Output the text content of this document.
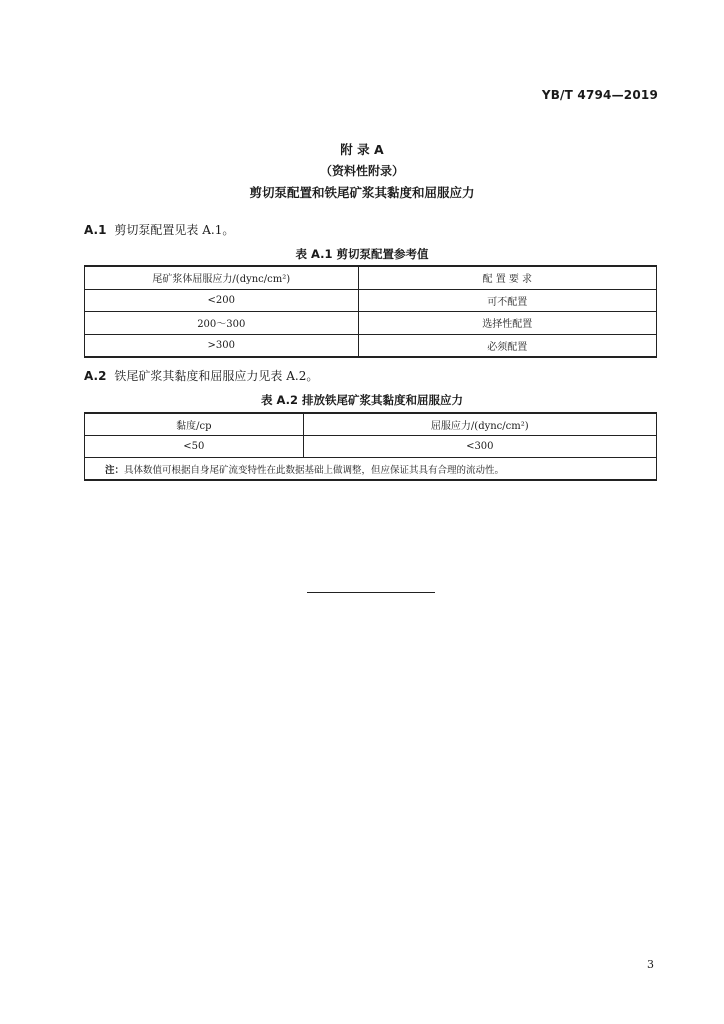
YB/T 4794—2019
附 录 A
（资料性附录）
剪切泵配置和铁尾矿浆其黏度和屈服应力
A.1 剪切泵配置见表 A.1。
表 A.1 剪切泵配置参考值
尾矿浆体屈服应力/(dync/cm²)	配 置 要 求
<200	可不配置
200～300	选择性配置
>300	必须配置
A.2 铁尾矿浆其黏度和屈服应力见表 A.2。
表 A.2 排放铁尾矿浆其黏度和屈服应力
黏度/cp	屈服应力/(dync/cm²)
<50	<300
注：具体数值可根据自身尾矿流变特性在此数据基础上做调整，但应保证其具有合理的流动性。	
3
